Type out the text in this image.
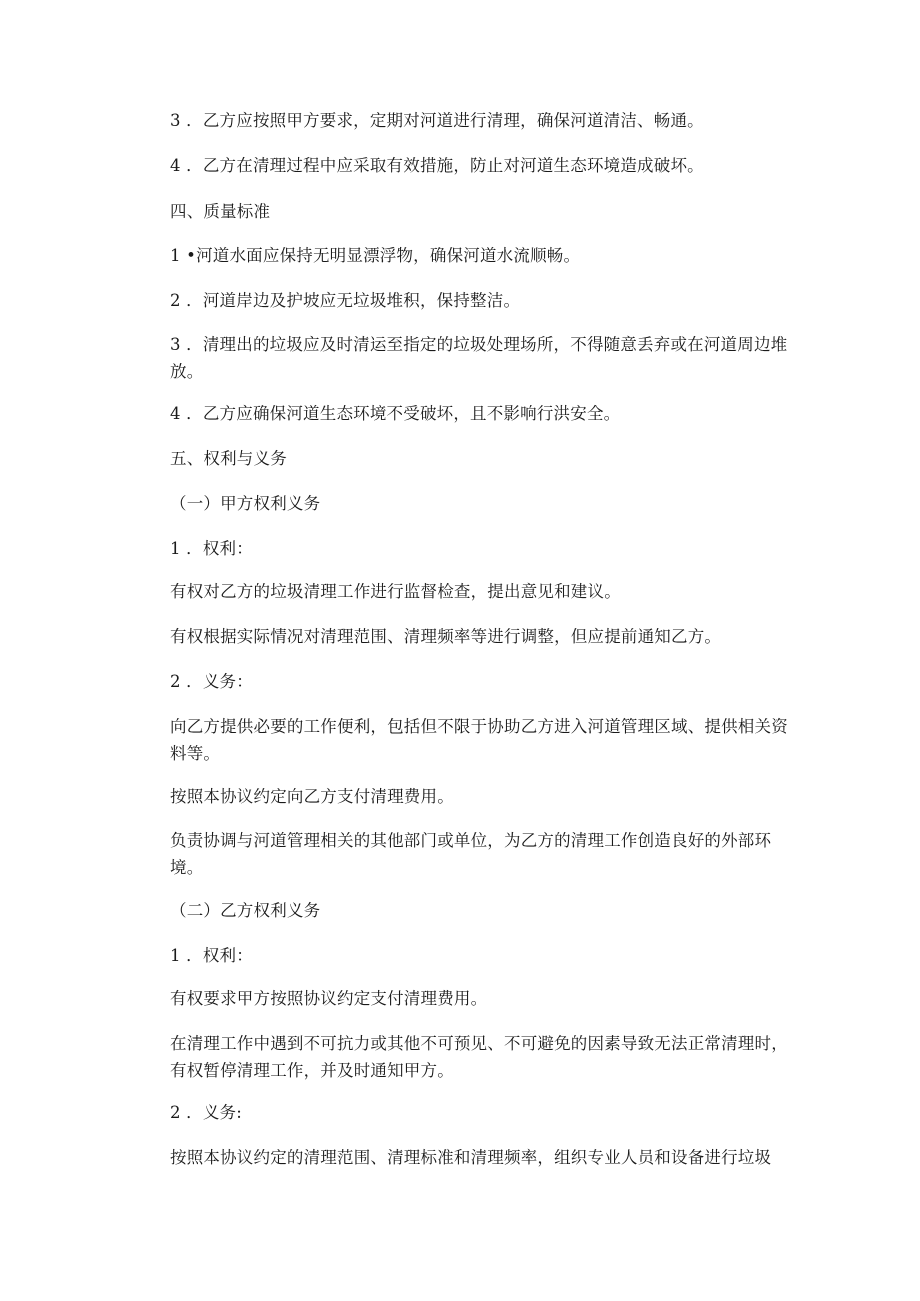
3 ．乙方应按照甲方要求，定期对河道进行清理，确保河道清洁、畅通。

4 ．乙方在清理过程中应采取有效措施，防止对河道生态环境造成破坏。

四、质量标准

1 •河道水面应保持无明显漂浮物，确保河道水流顺畅。

2 ．河道岸边及护坡应无垃圾堆积，保持整洁。

3 ．清理出的垃圾应及时清运至指定的垃圾处理场所，不得随意丢弃或在河道周边堆放。

4 ．乙方应确保河道生态环境不受破坏，且不影响行洪安全。

五、权利与义务

（一）甲方权利义务

1 ．权利：

有权对乙方的垃圾清理工作进行监督检查，提出意见和建议。

有权根据实际情况对清理范围、清理频率等进行调整，但应提前通知乙方。

2 ．义务：

向乙方提供必要的工作便利，包括但不限于协助乙方进入河道管理区域、提供相关资料等。

按照本协议约定向乙方支付清理费用。

负责协调与河道管理相关的其他部门或单位，为乙方的清理工作创造良好的外部环境。

（二）乙方权利义务

1 ．权利：

有权要求甲方按照协议约定支付清理费用。

在清理工作中遇到不可抗力或其他不可预见、不可避免的因素导致无法正常清理时，有权暂停清理工作，并及时通知甲方。

2 ．义务:

按照本协议约定的清理范围、清理标准和清理频率，组织专业人员和设备进行垃圾
